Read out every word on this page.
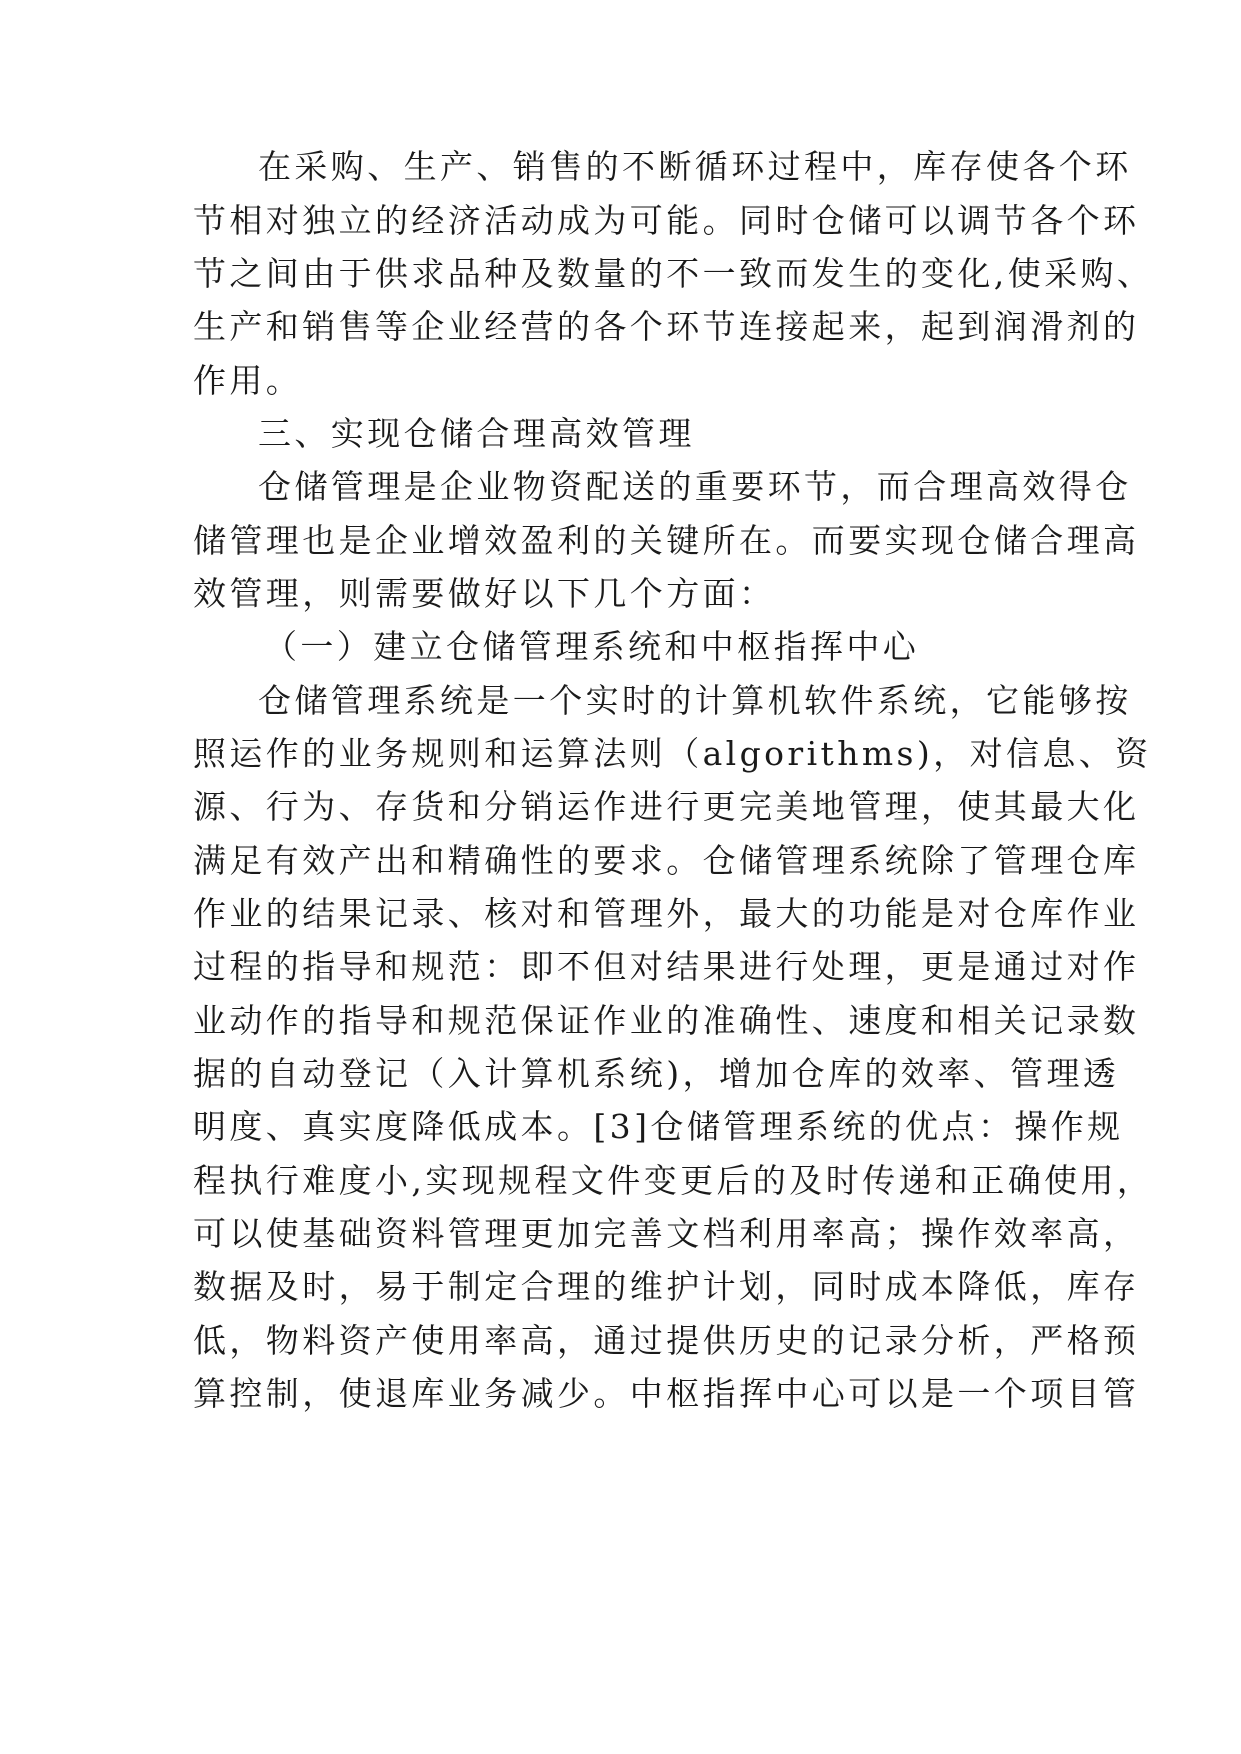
在采购、生产、销售的不断循环过程中，库存使各个环
节相对独立的经济活动成为可能。同时仓储可以调节各个环
节之间由于供求品种及数量的不一致而发生的变化,使采购、
生产和销售等企业经营的各个环节连接起来，起到润滑剂的
作用。
三、实现仓储合理高效管理
仓储管理是企业物资配送的重要环节，而合理高效得仓
储管理也是企业增效盈利的关键所在。而要实现仓储合理高
效管理，则需要做好以下几个方面：
（一）建立仓储管理系统和中枢指挥中心
仓储管理系统是一个实时的计算机软件系统，它能够按
照运作的业务规则和运算法则（algorithms)，对信息、资
源、行为、存货和分销运作进行更完美地管理，使其最大化
满足有效产出和精确性的要求。仓储管理系统除了管理仓库
作业的结果记录、核对和管理外，最大的功能是对仓库作业
过程的指导和规范：即不但对结果进行处理，更是通过对作
业动作的指导和规范保证作业的准确性、速度和相关记录数
据的自动登记（入计算机系统)，增加仓库的效率、管理透
明度、真实度降低成本。[3]仓储管理系统的优点：操作规
程执行难度小,实现规程文件变更后的及时传递和正确使用，
可以使基础资料管理更加完善文档利用率高；操作效率高，
数据及时，易于制定合理的维护计划，同时成本降低，库存
低，物料资产使用率高，通过提供历史的记录分析，严格预
算控制，使退库业务减少。中枢指挥中心可以是一个项目管
